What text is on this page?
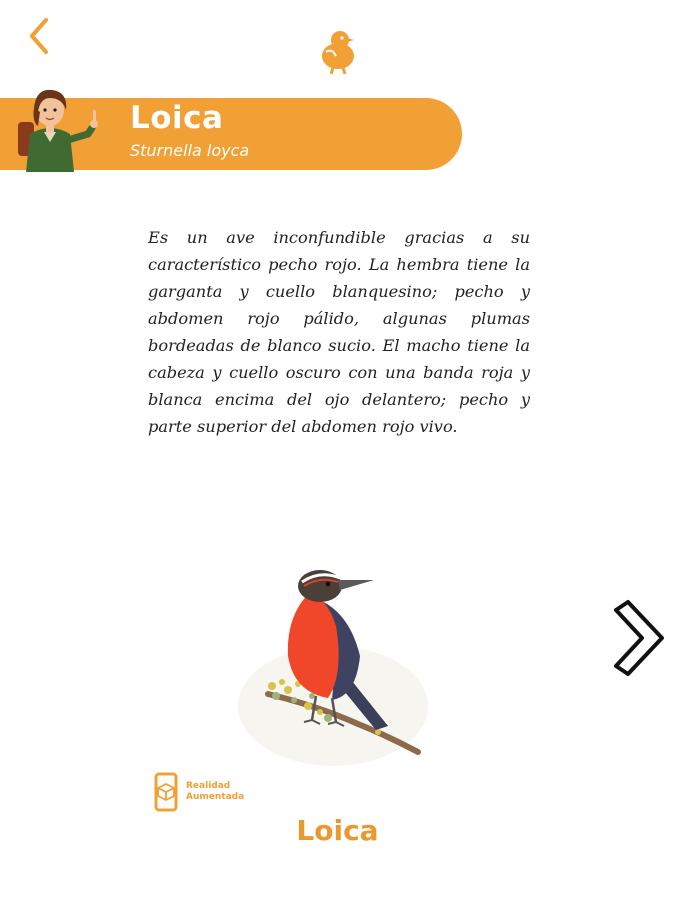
Loica
Sturnella loyca
Es un ave inconfundible gracias a su característico pecho rojo. La hembra tiene la garganta y cuello blanquesino; pecho y abdomen rojo pálido, algunas plumas bordeadas de blanco sucio. El macho tiene la cabeza y cuello oscuro con una banda roja y blanca encima del ojo delantero; pecho y parte superior del abdomen rojo vivo.
Realidad
Aumentada
Loica
